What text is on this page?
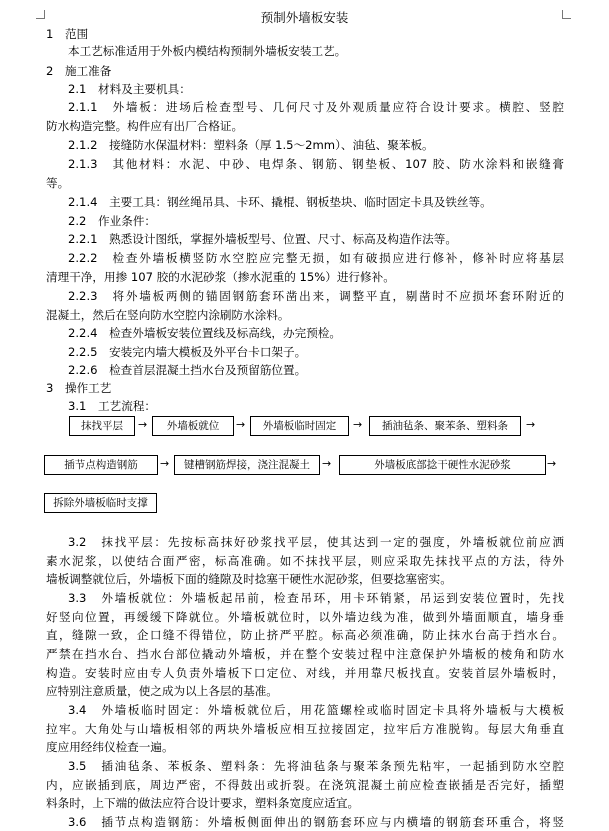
预制外墙板安装
1　范围
本工艺标准适用于外板内模结构预制外墙板安装工艺。
2　施工准备
2.1　材料及主要机具：
2.1.1　外墙板：进场后检查型号、几何尺寸及外观质量应符合设计要求。横腔、竖腔
防水构造完整。构件应有出厂合格证。
2.1.2　接缝防水保温材料：塑料条（厚 1.5～2mm）、油毡、聚苯板。
2.1.3　其他材料：水泥、中砂、电焊条、钢筋、钢垫板、107 胶、防水涂料和嵌缝膏
等。
2.1.4　主要工具：钢丝绳吊具、卡环、撬棍、钢板垫块、临时固定卡具及铁丝等。
2.2　作业条件：
2.2.1　熟悉设计图纸，掌握外墙板型号、位置、尺寸、标高及构造作法等。
2.2.2　检查外墙板横竖防水空腔应完整无损，如有破损应进行修补，修补时应将基层
清理干净，用掺 107 胶的水泥砂浆（掺水泥重的 15%）进行修补。
2.2.3　将外墙板两侧的锚固钢筋套环凿出来，调整平直，剔凿时不应损坏套环附近的
混凝土，然后在竖向防水空腔内涂刷防水涂料。
2.2.4　检查外墙板安装位置线及标高线，办完预检。
2.2.5　安装完内墙大模板及外平台卡口架子。
2.2.6　检查首层混凝土挡水台及预留筋位置。
3　操作工艺
3.1　工艺流程：
抹找平层	→	外墙板就位	→	外墙板临时固定	→	插油毡条、聚苯条、塑料条	→
插节点构造钢筋	→	键槽钢筋焊接，浇注混凝土	→	外墙板底部捻干硬性水泥砂浆	→
拆除外墙板临时支撑
3.2　抹找平层：先按标高抹好砂浆找平层，使其达到一定的强度，外墙板就位前应洒
素水泥浆，以使结合面严密，标高准确。如不抹找平层，则应采取先抹找平点的方法，待外
墙板调整就位后，外墙板下面的缝隙及时捻塞干硬性水泥砂浆，但要捻塞密实。
3.3　外墙板就位：外墙板起吊前，检查吊环，用卡环销紧，吊运到安装位置时，先找
好竖向位置，再缓缓下降就位。外墙板就位时，以外墙边线为准，做到外墙面顺直，墙身垂
直，缝隙一致，企口缝不得错位，防止挤严平腔。标高必须准确，防止抹水台高于挡水台。
严禁在挡水台、挡水台部位撬动外墙板，并在整个安装过程中注意保护外墙板的棱角和防水
构造。安装时应由专人负责外墙板下口定位、对线，并用靠尺板找直。安装首层外墙板时，
应特别注意质量，使之成为以上各层的基准。
3.4　外墙板临时固定：外墙板就位后，用花篮螺栓或临时固定卡具将外墙板与大模板
拉牢。大角处与山墙板相邻的两块外墙板应相互拉接固定，拉牢后方准脱钩。每层大角垂直
度应用经纬仪检查一遍。
3.5　插油毡条、苯板条、塑料条：先将油毡条与聚苯条预先粘牢，一起插到防水空腔
内，应嵌插到底，周边严密，不得鼓出或折裂。在浇筑混凝土前应检查嵌插是否完好，插塑
料条时，上下端的做法应符合设计要求，塑料条宽度应适宜。
3.6　插节点构造钢筋：外墙板侧面伸出的钢筋套环应与内横墙的钢筋套环重合，将竖
